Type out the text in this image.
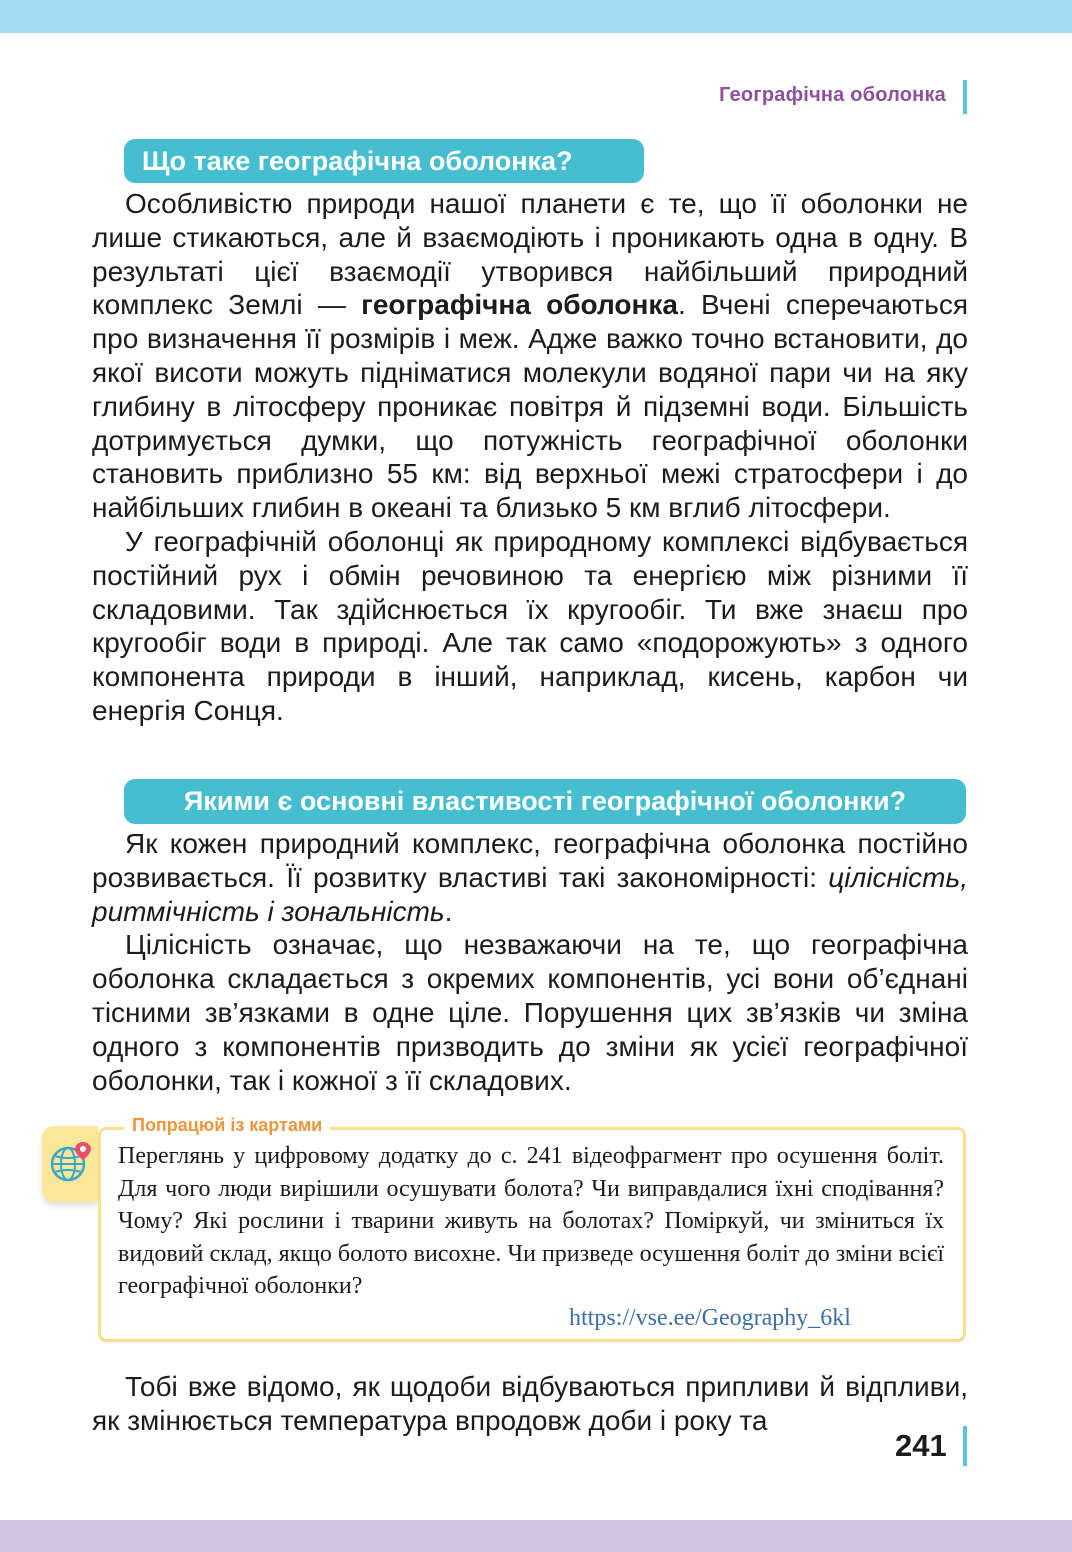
Географічна оболонка
Що таке географічна оболонка?

Особливістю природи нашої планети є те, що її оболонки не лише стикаються, але й взаємодіють і проникають одна в одну. В результаті цієї взаємодії утворився найбільший природний комплекс Землі — географічна оболонка. Вчені сперечаються про визначення її розмірів і меж. Адже важко точно встановити, до якої висоти можуть підніматися молекули водяної пари чи на яку глибину в літосферу проникає повітря й підземні води. Більшість дотримується думки, що потужність географічної оболонки становить приблизно 55 км: від верхньої межі стратосфери і до найбільших глибин в океані та близько 5 км вглиб літосфери.

У географічній оболонці як природному комплексі відбувається постійний рух і обмін речовиною та енергією між різними її складовими. Так здійснюється їх кругообіг. Ти вже знаєш про кругообіг води в природі. Але так само «подорожують» з одного компонента природи в інший, наприклад, кисень, карбон чи енергія Сонця.

Якими є основні властивості географічної оболонки?

Як кожен природний комплекс, географічна оболонка постійно розвивається. Її розвитку властиві такі закономірності: цілісність, ритмічність і зональність.

Цілісність означає, що незважаючи на те, що географічна оболонка складається з окремих компонентів, усі вони об’єднані тісними зв’язками в одне ціле. Порушення цих зв’язків чи зміна одного з компонентів призводить до зміни як усієї географічної оболонки, так і кожної з її складових.

Попрацюй із картами

Переглянь у цифровому додатку до с. 241 відеофрагмент про осушення боліт. Для чого люди вирішили осушувати болота? Чи виправдалися їхні сподівання? Чому? Які рослини і тварини живуть на болотах? Поміркуй, чи зміниться їх видовий склад, якщо болото висохне. Чи призведе осушення боліт до зміни всієї географічної оболонки?

https://vse.ee/Geography_6kl

Тобі вже відомо, як щодоби відбуваються припливи й відпливи, як змінюється температура впродовж доби і року та

241
